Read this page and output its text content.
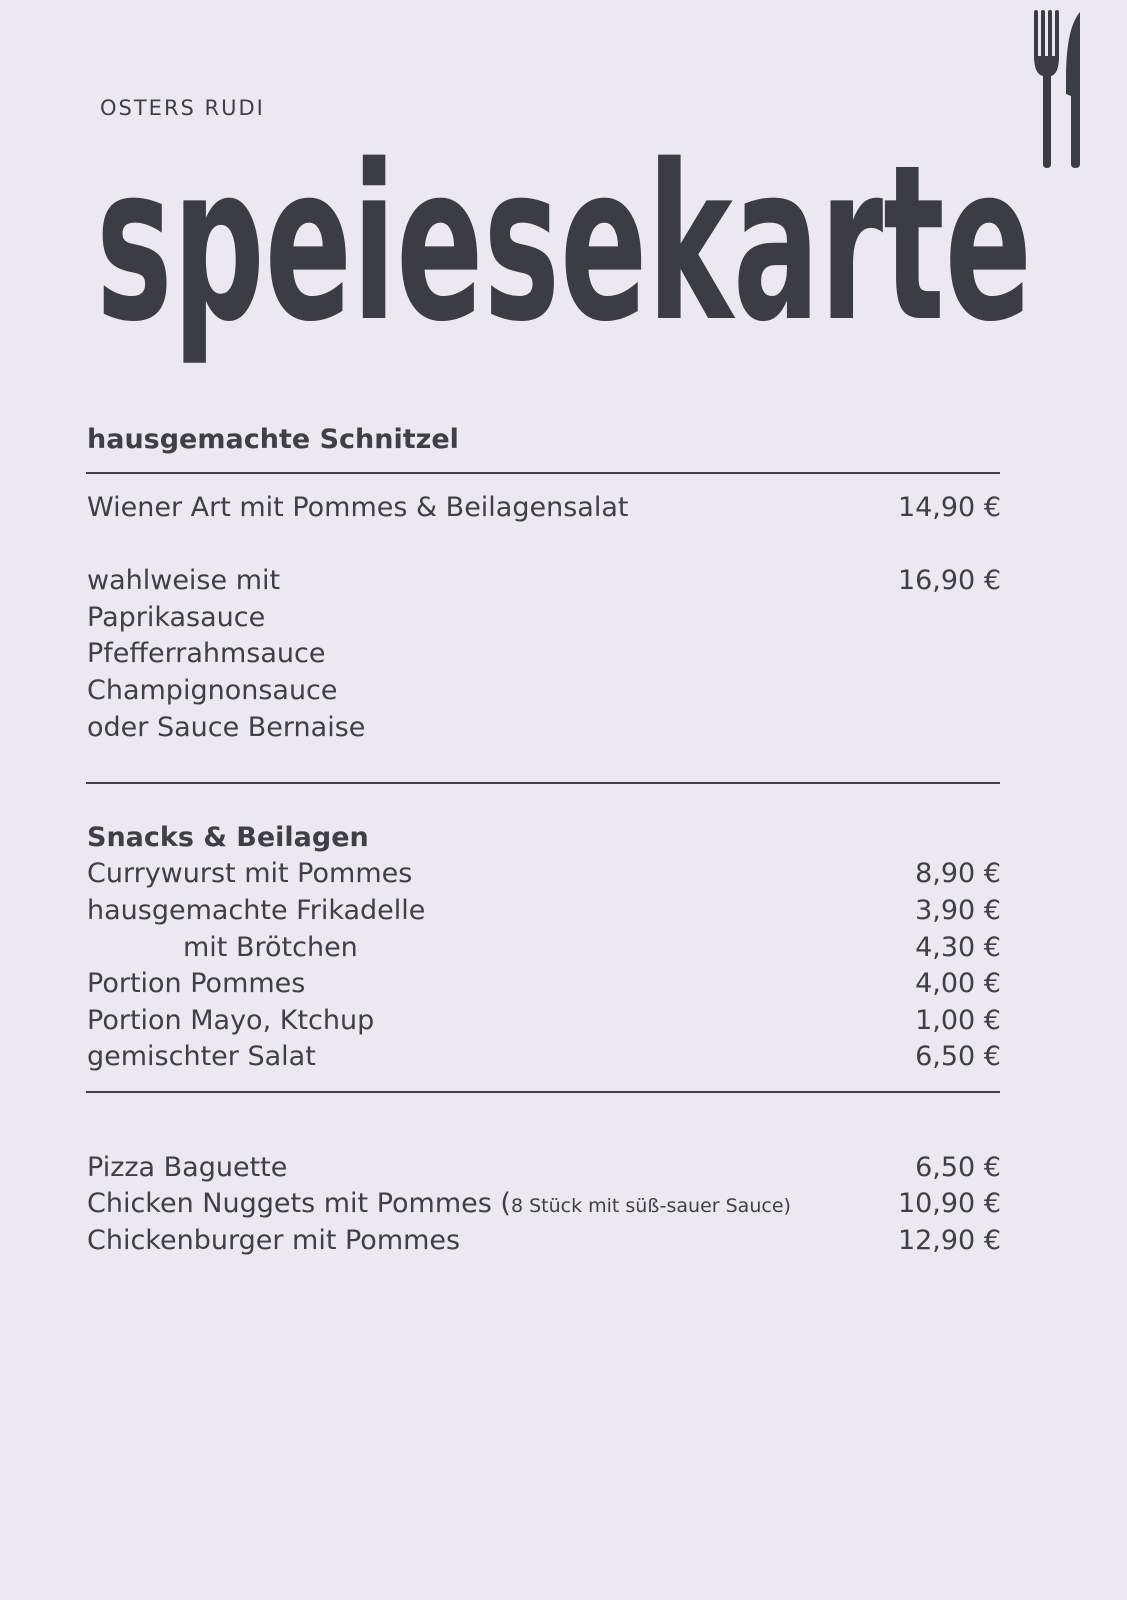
OSTERS RUDI
speiesekarte
hausgemachte Schnitzel
Wiener Art mit Pommes & Beilagensalat	14,90 €
wahlweise mit	16,90 €
Paprikasauce
Pfefferrahmsauce
Champignonsauce
oder Sauce Bernaise
Snacks & Beilagen
Currywurst mit Pommes	8,90 €
hausgemachte Frikadelle	3,90 €
mit Brötchen	4,30 €
Portion Pommes	4,00 €
Portion Mayo, Ktchup	1,00 €
gemischter Salat	6,50 €
Pizza Baguette	6,50 €
Chicken Nuggets mit Pommes (8 Stück mit süß-sauer Sauce)	10,90 €
Chickenburger mit Pommes	12,90 €
